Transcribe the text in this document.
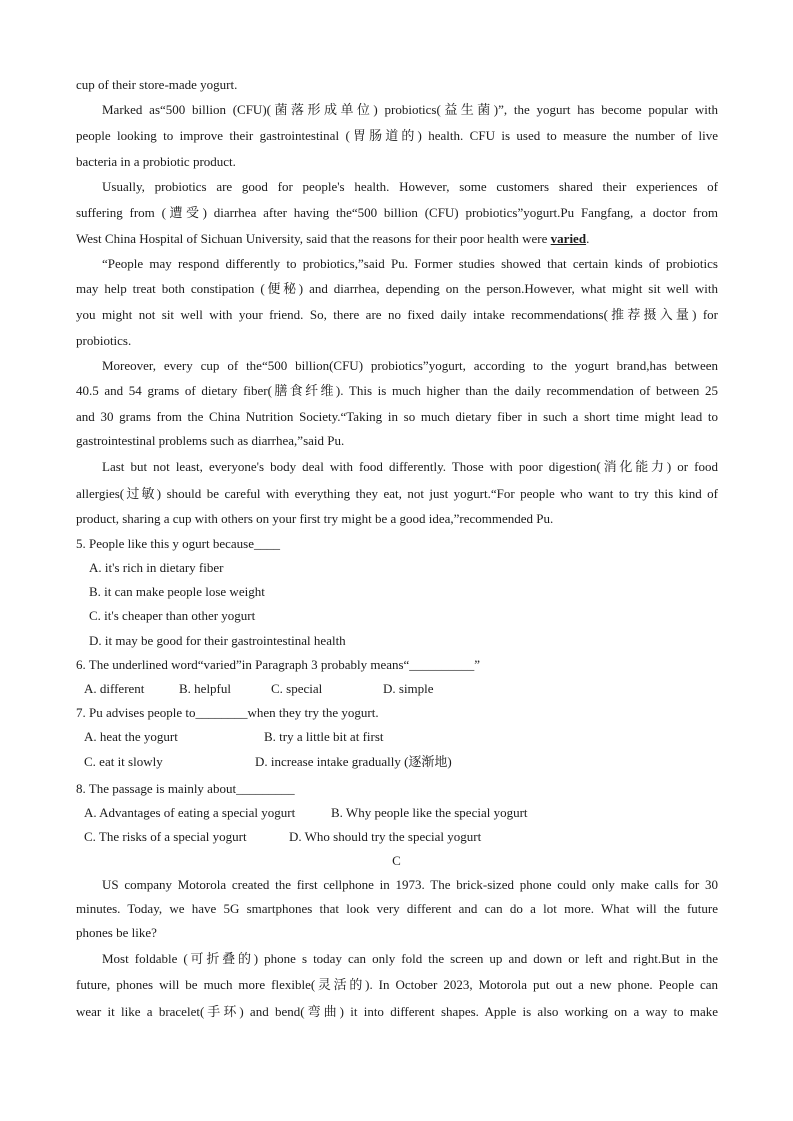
cup of their store-made yogurt.
Marked as“500 billion (CFU)(菌落形成单位) probiotics(益生菌)”, the yogurt has become popular with
people looking to improve their gastrointestinal (胃肠道的) health. CFU is used to measure the number of live
bacteria in a probiotic product.
Usually, probiotics are good for people's health. However, some customers shared their experiences of
suffering from (遭受) diarrhea after having the“500 billion (CFU) probiotics”yogurt.Pu Fangfang, a doctor from
West China Hospital of Sichuan University, said that the reasons for their poor health were varied.
“People may respond differently to probiotics,”said Pu. Former studies showed that certain kinds of probiotics
may help treat both constipation (便秘) and diarrhea, depending on the person.However, what might sit well with
you might not sit well with your friend. So, there are no fixed daily intake recommendations(推荐摄入量) for
probiotics.
Moreover, every cup of the“500 billion(CFU) probiotics”yogurt, according to the yogurt brand,has between
40.5 and 54 grams of dietary fiber(膳食纤维). This is much higher than the daily recommendation of between 25
and 30 grams from the China Nutrition Society.“Taking in so much dietary fiber in such a short time might lead to
gastrointestinal problems such as diarrhea,”said Pu.
Last but not least, everyone's body deal with food differently. Those with poor digestion(消化能力) or food
allergies(过敏) should be careful with everything they eat, not just yogurt.“For people who want to try this kind of
product, sharing a cup with others on your first try might be a good idea,”recommended Pu.
5. People like this y ogurt because____
A. it's rich in dietary fiber
B. it can make people lose weight
C. it's cheaper than other yogurt
D. it may be good for their gastrointestinal health
6. The underlined word“varied”in Paragraph 3 probably means“__________”
A. different	B. helpful	C. special	D. simple
7. Pu advises people to________when they try the yogurt.
A. heat the yogurt	B. try a little bit at first
C. eat it slowly	D. increase intake gradually (逐渐地)
8. The passage is mainly about_________
A. Advantages of eating a special yogurt	B. Why people like the special yogurt
C. The risks of a special yogurt	D. Who should try the special yogurt
C
US company Motorola created the first cellphone in 1973. The brick-sized phone could only make calls for 30
minutes. Today, we have 5G smartphones that look very different and can do a lot more. What will the future
phones be like?
Most foldable (可折叠的) phone s today can only fold the screen up and down or left and right.But in the
future, phones will be much more flexible(灵活的). In October 2023, Motorola put out a new phone. People can
wear it like a bracelet(手环) and bend(弯曲) it into different shapes. Apple is also working on a way to make
